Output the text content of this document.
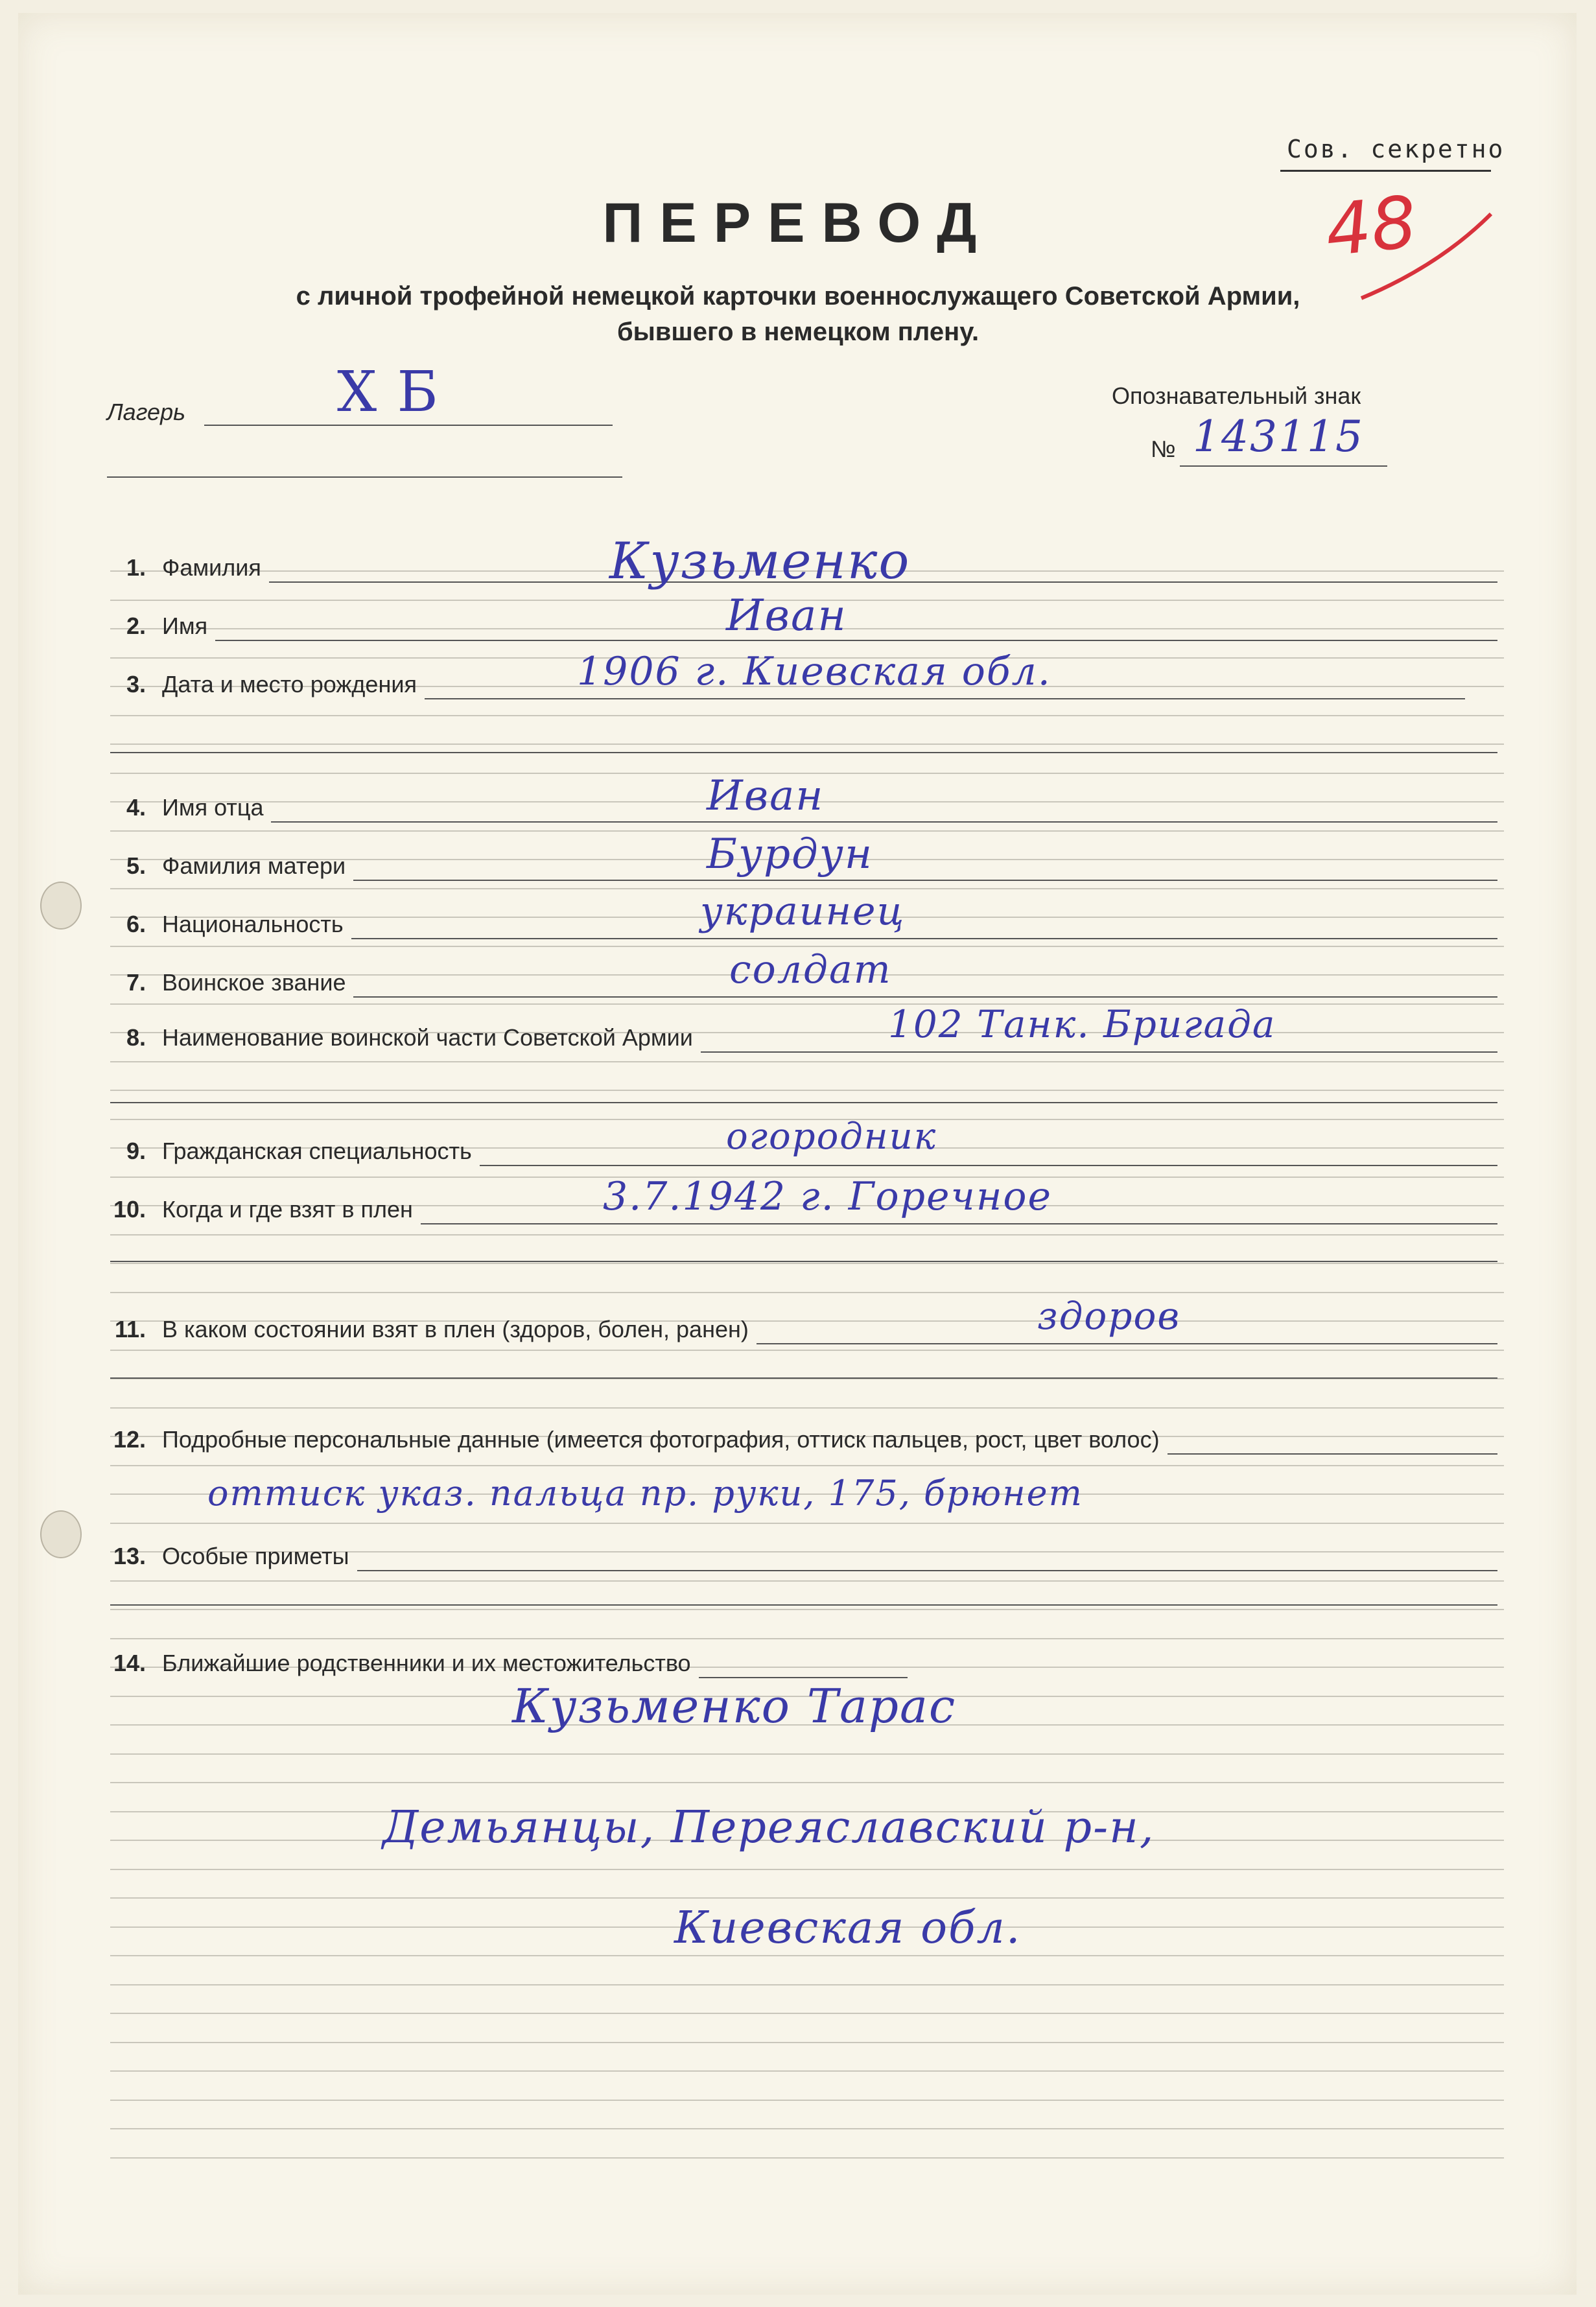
Сов. секретно
48
ПЕРЕВОД
с личной трофейной немецкой карточки военнослужащего Советской Армии,
бывшего в немецком плену.
Лагерь	X Б	Опознавательный знак
№ 143115
1. Фамилия	Кузьменко
2. Имя	Иван
3. Дата и место рождения	1906 г. Киевская обл.
4. Имя отца	Иван
5. Фамилия матери	Бурдун
6. Национальность	украинец
7. Воинское звание	солдат
8. Наименование воинской части Советской Армии	102 Танк. Бригада
9. Гражданская специальность	огородник
10. Когда и где взят в плен	3.7.1942 г. Горечное
11. В каком состоянии взят в плен (здоров, болен, ранен)	здоров
12. Подробные персональные данные (имеется фотография, оттиск пальцев, рост, цвет волос)
оттиск указ. пальца пр. руки, 175, брюнет
13. Особые приметы
14. Ближайшие родственники и их местожительство
Кузьменко Тарас
Демьянцы, Переяславский р-н,
Киевская обл.
